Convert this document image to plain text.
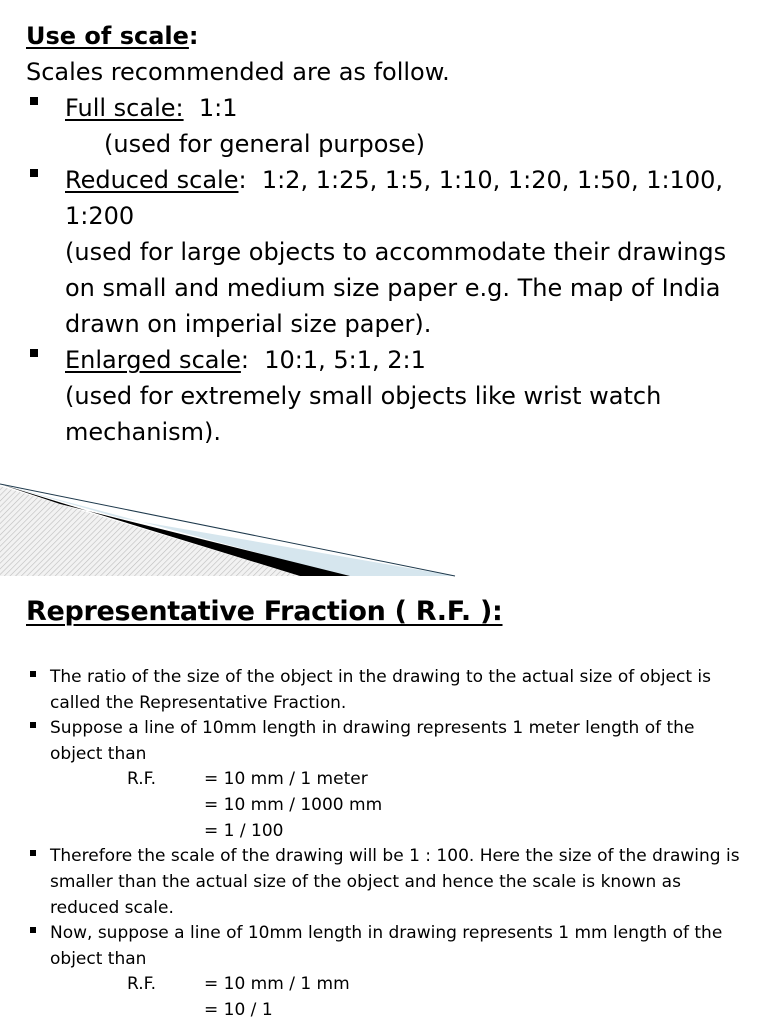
Use of scale:
Scales recommended are as follow.
Full scale:  1:1
(used for general purpose)
Reduced scale:  1:2, 1:25, 1:5, 1:10, 1:20, 1:50, 1:100,
1:200
(used for large objects to accommodate their drawings
on small and medium size paper e.g. The map of India
drawn on imperial size paper).
Enlarged scale:  10:1, 5:1, 2:1
(used for extremely small objects like wrist watch
mechanism).
Representative Fraction ( R.F. ):
The ratio of the size of the object in the drawing to the actual size of object is
called the Representative Fraction.
Suppose a line of 10mm length in drawing represents 1 meter length of the
object than
R.F.	= 10 mm / 1 meter
= 10 mm / 1000 mm
= 1 / 100
Therefore the scale of the drawing will be 1 : 100. Here the size of the drawing is
smaller than the actual size of the object and hence the scale is known as
reduced scale.
Now, suppose a line of 10mm length in drawing represents 1 mm length of the
object than
R.F.	= 10 mm / 1 mm
= 10 / 1
